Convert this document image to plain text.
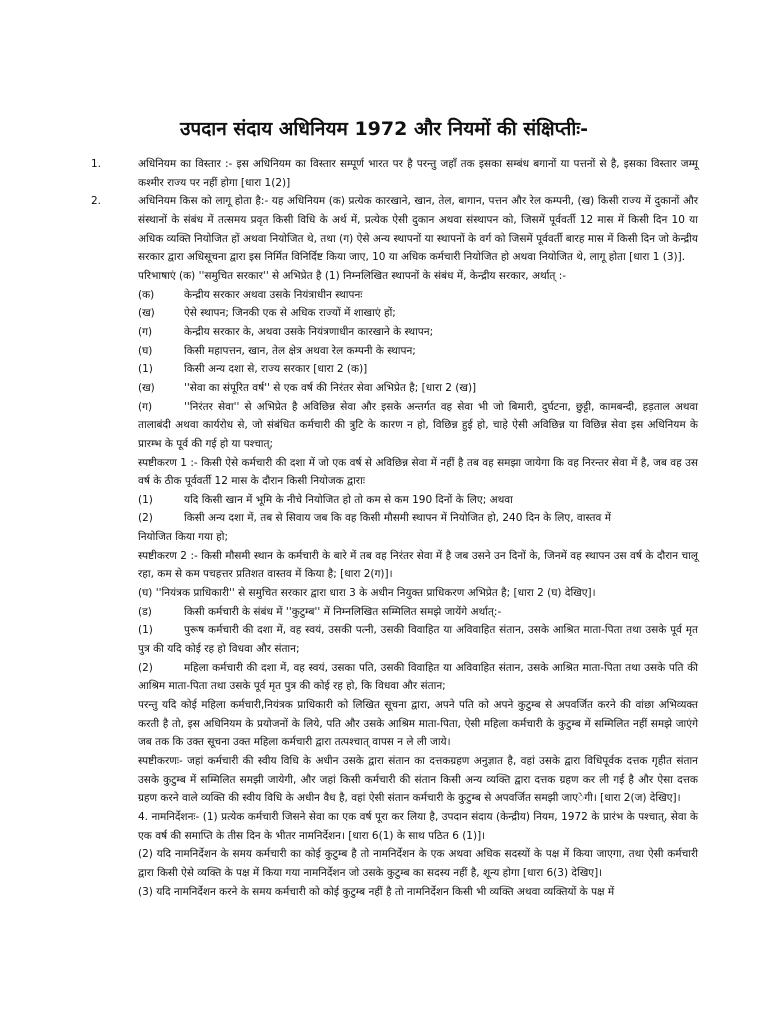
उपदान संदाय अधिनियम 1972 और नियमों की संक्षिप्तीः-
1.	अधिनियम का विस्तार :- इस अधिनियम का विस्तार सम्पूर्ण भारत पर है परन्तु जहाँ तक इसका सम्बंध बगानों या पत्तनों से है, इसका विस्तार जम्मू कश्मीर राज्य पर नहीं होगा [धारा 1(2)]

2.	अधिनियम किस को लागू होता है:- यह अधिनियम (क) प्रत्येक कारखाने, खान, तेल, बागान, पत्तन और रेल कम्पनी, (ख) किसी राज्य में दुकानों और संस्थानों के संबंध में तत्समय प्रवृत किसी विधि के अर्थ में, प्रत्येक ऐसी दुकान अथवा संस्थापन को, जिसमें पूर्ववर्ती 12 मास में किसी दिन 10 या अधिक व्यक्ति नियोजित हों अथवा नियोजित थे, तथा (ग) ऐसे अन्य स्थापनों या स्थापनों के वर्ग को जिसमें पूर्ववर्ती बारह मास में किसी दिन जो केन्द्रीय सरकार द्वारा अधिसूचना द्वारा इस निर्मित विनिर्दिष्ट किया जाए, 10 या अधिक कर्मचारी नियोजित हो अथवा नियोजित थे, लागू होता [धारा 1 (3)].

परिभाषाएं (क) ''समुचित सरकार'' से अभिप्रेत है (1) निम्नलिखित स्थापनों के संबंध में, केन्द्रीय सरकार, अर्थात् :-
(क)	केन्द्रीय सरकार अथवा उसके नियंत्राधीन स्थापनः
(ख)	ऐसे स्थापन; जिनकी एक से अधिक राज्यों में शाखाएं हों;
(ग)	केन्द्रीय सरकार के, अथवा उसके नियंत्रणाधीन कारखाने के स्थापन;
(घ)	किसी महापत्तन, खान, तेल क्षेत्र अथवा रेल कम्पनी के स्थापन;
(1)	किसी अन्य दशा से, राज्य सरकार [धारा 2 (क)]
(ख)	''सेवा का संपूरित वर्ष'' से एक वर्ष की निरंतर सेवा अभिप्रेत है; [धारा 2 (ख)]
(ग)	''निरंतर सेवा'' से अभिप्रेत है अविछिन्न सेवा और इसके अन्तर्गत वह सेवा भी जो बिमारी, दुर्घटना, छुट्टी, कामबन्दी, हड़ताल अथवा तालाबंदी अथवा कार्यरोध से, जो संबंधित कर्मचारी की त्रुटि के कारण न हो, विछिन्न हुई हो, चाहे ऐसी अविछिन्न या विछिन्न सेवा इस अधिनियम के प्रारम्भ के पूर्व की गई हो या पश्चात्;
स्पष्टीकरण 1 :- किसी ऐसे कर्मचारी की दशा में जो एक वर्ष से अविछिन्न सेवा में नहीं है तब वह समझा जायेगा कि वह निरन्तर सेवा में है, जब वह उस वर्ष के ठीक पूर्ववर्ती 12 मास के दौरान किसी नियोजक द्वाराः
(1)	यदि किसी खान में भूमि के नीचे नियोजित हो तो कम से कम 190 दिनों के लिए; अथवा
(2)	किसी अन्य दशा में, तब से सिवाय जब कि वह किसी मौसमी स्थापन में नियोजित हो, 240 दिन के लिए, वास्तव में
नियोजित किया गया हो;
स्पष्टीकरण 2 :- किसी मौसमी स्थान के कर्मचारी के बारे में तब वह निरंतर सेवा में है जब उसने उन दिनों के, जिनमें वह स्थापन उस वर्ष के दौरान चालू रहा, कम से कम पचहत्तर प्रतिशत वास्तव में किया है; [धारा 2(ग)]।
(घ) ''नियंत्रक प्राधिकारी'' से समुचित सरकार द्वारा धारा 3 के अधीन नियुक्त प्राधिकरण अभिप्रेत है; [धारा 2 (घ) देखिए]।
(ड)	किसी कर्मचारी के संबंध में ''कुटुम्ब'' में निम्नलिखित सम्मिलित समझे जायेंगे अर्थात्:-
(1)	पुरूष कर्मचारी की दशा में, वह स्वयं, उसकी पत्नी, उसकी विवाहित या अविवाहित संतान, उसके आश्रित माता-पिता तथा उसके पूर्व मृत पुत्र की यदि कोई रह हो विधवा और संतान;
(2)	महिला कर्मचारी की दशा में, वह स्वयं, उसका पति, उसकी विवाहित या अविवाहित संतान, उसके आश्रित माता-पिता तथा उसके पति की आश्रिम माता-पिता तथा उसके पूर्व मृत पुत्र की कोई रह हो, कि विधवा और संतान;
परन्तु यदि कोई महिला कर्मचारी,नियंत्रक प्राधिकारी को लिखित सूचना द्वारा, अपने पति को अपने कुटुम्ब से अपवर्जित करने की वांछा अभिव्यक्त करती है तो, इस अधिनियम के प्रयोजनों के लिये, पति और उसके आश्रिम माता-पिता, ऐसी महिला कर्मचारी के कुटुम्ब में सम्मिलित नहीं समझे जाएंगे जब तक कि उक्त सूचना उक्त महिला कर्मचारी द्वारा तत्पश्चात् वापस न ले ली जाये।
स्पष्टीकरणः- जहां कर्मचारी की स्वीय विधि के अधीन उसके द्वारा संतान का दत्तकग्रहण अनुज्ञात है, वहां उसके द्वारा विधिपूर्वक दत्तक गृहीत संतान उसके कुटुम्ब में सम्मिलित समझी जायेगी, और जहां किसी कर्मचारी की संतान किसी अन्य व्यक्ति द्वारा दत्तक ग्रहण कर ली गई है और ऐसा दत्तक ग्रहण करने वाले व्यक्ति की स्वीय विधि के अधीन वैध है, वहां ऐसी संतान कर्मचारी के कुटुम्ब से अपवर्जित समझी जाएेगी। [धारा 2(ज) देखिए]।
4. नामनिर्देशनः- (1) प्रत्येक कर्मचारी जिसने सेवा का एक वर्ष पूरा कर लिया है, उपदान संदाय (केन्द्रीय) नियम, 1972 के प्रारंभ के पश्चात्, सेवा के एक वर्ष की समाप्ति के तीस दिन के भीतर नामनिर्देशन। [धारा 6(1) के साथ पठित 6 (1)]।
(2) यदि नामनिर्देशन के समय कर्मचारी का कोई कुटुम्ब है तो नामनिर्देशन के एक अथवा अधिक सदस्यों के पक्ष में किया जाएगा, तथा ऐसी कर्मचारी द्वारा किसी ऐसे व्यक्ति के पक्ष में किया गया नामनिर्देशन जो उसके कुटुम्ब का सदस्य नहीं है, शून्य होगा [धारा 6(3) देखिए]।
(3) यदि नामनिर्देशन करने के समय कर्मचारी को कोई कुटुम्ब नहीं है तो नामनिर्देशन किसी भी व्यक्ति अथवा व्यक्तियों के पक्ष में
